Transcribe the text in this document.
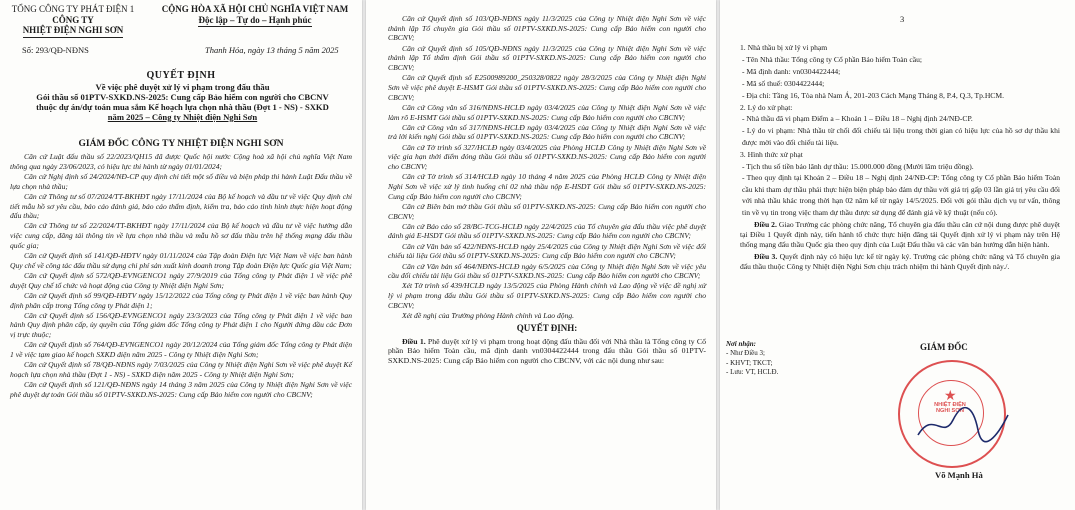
TỔNG CÔNG TY PHÁT ĐIỆN 1
CÔNG TY
NHIỆT ĐIỆN NGHI SƠN
CỘNG HÒA XÃ HỘI CHỦ NGHĨA VIỆT NAM
Độc lập – Tự do – Hạnh phúc
Số: 293/QĐ-NĐNS	Thanh Hóa, ngày 13 tháng 5 năm 2025
QUYẾT ĐỊNH
Về việc phê duyệt xử lý vi phạm trong đấu thầu
Gói thầu số 01PTV-SXKD.NS-2025: Cung cấp Bảo hiểm con người cho CBCNV thuộc dự án/dự toán mua sắm Kế hoạch lựa chọn nhà thầu (Đợt 1 - NS) - SXKD
năm 2025 – Công ty Nhiệt điện Nghi Sơn
GIÁM ĐỐC CÔNG TY NHIỆT ĐIỆN NGHI SƠN

Căn cứ Luật đấu thầu số 22/2023/QH15 đã được Quốc hội nước Cộng hoà xã hội chủ nghĩa Việt Nam thông qua ngày 23/06/2023, có hiệu lực thi hành từ ngày 01/01/2024;

Căn cứ Nghị định số 24/2024/NĐ-CP quy định chi tiết một số điều và biện pháp thi hành Luật Đấu thầu về lựa chọn nhà thầu;

Căn cứ Thông tư số 07/2024/TT-BKHĐT ngày 17/11/2024 của Bộ kế hoạch và đầu tư về việc Quy định chi tiết mẫu hồ sơ yêu cầu, báo cáo đánh giá, báo cáo thẩm định, kiểm tra, báo cáo tình hình thực hiện hoạt động đấu thầu;

Căn cứ Thông tư số 22/2024/TT-BKHĐT ngày 17/11/2024 của Bộ kế hoạch và đầu tư về việc hướng dẫn việc cung cấp, đăng tải thông tin về lựa chọn nhà thầu và mẫu hồ sơ đấu thầu trên hệ thống mạng đấu thầu quốc gia;

Căn cứ Quyết định số 141/QĐ-HĐTV ngày 01/11/2024 của Tập đoàn Điện lực Việt Nam về việc ban hành Quy chế về công tác đấu thầu sử dụng chi phí sản xuất kinh doanh trong Tập đoàn Điện lực Quốc gia Việt Nam;

Căn cứ Quyết định số 572/QĐ-EVNGENCO1 ngày 27/9/2019 của Tổng công ty Phát điện 1 về việc phê duyệt Quy chế tổ chức và hoạt động của Công ty Nhiệt điện Nghi Sơn;

Căn cứ Quyết định số 99/QĐ-HĐTV ngày 15/12/2022 của Tổng công ty Phát điện 1 về việc ban hành Quy định phân cấp trong Tổng công ty Phát điện 1;

Căn cứ Quyết định số 156/QĐ-EVNGENCO1 ngày 23/3/2023 của Tổng công ty Phát điện 1 về việc ban hành Quy định phân cấp, ủy quyền của Tổng giám đốc Tổng công ty Phát điện 1 cho Người đứng đầu các Đơn vị trực thuộc;

Căn cứ Quyết định số 764/QĐ-EVNGENCO1 ngày 20/12/2024 của Tổng giám đốc Tổng công ty Phát điện 1 về việc tạm giao kế hoạch SXKD điện năm 2025 - Công ty Nhiệt điện Nghi Sơn;

Căn cứ Quyết định số 78/QĐ-NĐNS ngày 7/03/2025 của Công ty Nhiệt điện Nghi Sơn về việc phê duyệt Kế hoạch lựa chọn nhà thầu (Đợt 1 - NS) - SXKD điện năm 2025 - Công ty Nhiệt điện Nghi Sơn;

Căn cứ Quyết định số 121/QĐ-NĐNS ngày 14 tháng 3 năm 2025 của Công ty Nhiệt điện Nghi Sơn về việc phê duyệt dự toán Gói thầu số 01PTV-SXKD.NS-2025: Cung cấp Bảo hiểm con người cho CBCNV;

Căn cứ Quyết định số 103/QĐ-NĐNS ngày 11/3/2025 của Công ty Nhiệt điện Nghi Sơn về việc thành lập Tổ chuyên gia Gói thầu số 01PTV-SXKD.NS-2025: Cung cấp Bảo hiểm con người cho CBCNV;

Căn cứ Quyết định số 105/QĐ-NĐNS ngày 11/3/2025 của Công ty Nhiệt điện Nghi Sơn về việc thành lập Tổ thẩm định Gói thầu số 01PTV-SXKD.NS-2025: Cung cấp Bảo hiểm con người cho CBCNV;

Căn cứ Quyết định số E2500989200_250328/0822 ngày 28/3/2025 của Công ty Nhiệt điện Nghi Sơn về việc phê duyệt E-HSMT Gói thầu số 01PTV-SXKD.NS-2025: Cung cấp Bảo hiểm con người cho CBCNV;

Căn cứ Công văn số 316/NĐNS-HCLĐ ngày 03/4/2025 của Công ty Nhiệt điện Nghi Sơn về việc làm rõ E-HSMT Gói thầu số 01PTV-SXKD.NS-2025: Cung cấp Bảo hiểm con người cho CBCNV;

Căn cứ Công văn số 317/NĐNS-HCLĐ ngày 03/4/2025 của Công ty Nhiệt điện Nghi Sơn về việc trả lời kiến nghị Gói thầu số 01PTV-SXKD.NS-2025: Cung cấp Bảo hiểm con người cho CBCNV;

Căn cứ Tờ trình số 327/HCLĐ ngày 03/4/2025 của Phòng HCLĐ Công ty Nhiệt điện Nghi Sơn về việc gia hạn thời điểm đóng thầu Gói thầu số 01PTV-SXKD.NS-2025: Cung cấp Bảo hiểm con người cho CBCNV;

Căn cứ Tờ trình số 314/HCLĐ ngày 10 tháng 4 năm 2025 của Phòng HCLĐ Công ty Nhiệt điện Nghi Sơn về việc xử lý tình huống chỉ 02 nhà thầu nộp E-HSDT Gói thầu số 01PTV-SXKD.NS-2025: Cung cấp Bảo hiểm con người cho CBCNV;

Căn cứ Biên bản mở thầu Gói thầu số 01PTV-SXKD.NS-2025: Cung cấp Bảo hiểm con người cho CBCNV;

Căn cứ Báo cáo số 28/BC-TCG-HCLĐ ngày 22/4/2025 của Tổ chuyên gia đấu thầu việc phê duyệt đánh giá E-HSDT Gói thầu số 01PTV-SXKD.NS-2025: Cung cấp Bảo hiểm con người cho CBCNV;

Căn cứ Văn bản số 422/NĐNS-HCLĐ ngày 25/4/2025 của Công ty Nhiệt điện Nghi Sơn về việc đối chiếu tài liệu Gói thầu số 01PTV-SXKD.NS-2025: Cung cấp Bảo hiểm con người cho CBCNV;

Căn cứ Văn bản số 464/NĐNS-HCLĐ ngày 6/5/2025 của Công ty Nhiệt điện Nghi Sơn về việc yêu cầu đối chiếu tài liệu Gói thầu số 01PTV-SXKD.NS-2025: Cung cấp Bảo hiểm con người cho CBCNV;

Xét Tờ trình số 439/HCLĐ ngày 13/5/2025 của Phòng Hành chính và Lao động về việc đề nghị xử lý vi phạm trong đấu thầu Gói thầu số 01PTV-SXKD.NS-2025: Cung cấp Bảo hiểm con người cho CBCNV;

Xét đề nghị của Trưởng phòng Hành chính và Lao động.

QUYẾT ĐỊNH:

Điều 1. Phê duyệt xử lý vi phạm trong hoạt động đấu thầu đối với Nhà thầu là Tổng công ty Cổ phần Bảo hiểm Toàn cầu, mã định danh vn0304422444 trong đấu thầu Gói thầu số 01PTV-SXKD.NS-2025: Cung cấp Bảo hiểm con người cho CBCNV, với các nội dung như sau:

3

1. Nhà thầu bị xử lý vi phạm

- Tên Nhà thầu: Tổng công ty Cổ phần Bảo hiểm Toàn cầu;

- Mã định danh: vn0304422444;

- Mã số thuế: 0304422444;

- Địa chỉ: Tầng 16, Tòa nhà Nam Á, 201-203 Cách Mạng Tháng 8, P.4, Q.3, Tp.HCM.

2. Lý do xử phạt:

- Nhà thầu đã vi phạm Điểm a – Khoản 1 – Điều 18 – Nghị định 24/NĐ-CP.

- Lý do vi phạm: Nhà thầu từ chối đối chiếu tài liệu trong thời gian có hiệu lực của hồ sơ dự thầu khi được mời vào đối chiếu tài liệu.

3. Hình thức xử phạt

- Tịch thu số tiền bảo lãnh dự thầu: 15.000.000 đồng (Mười lăm triệu đồng).

- Theo quy định tại Khoản 2 – Điều 18 – Nghị định 24/NĐ-CP: Tổng công ty Cổ phần Bảo hiểm Toàn cầu khi tham dự thầu phải thực hiện biện pháp bảo đảm dự thầu với giá trị gấp 03 lần giá trị yêu cầu đối với nhà thầu khác trong thời hạn 02 năm kể từ ngày 14/5/2025. Đối với gói thầu dịch vụ tư vấn, thông tin về vụ tin trong việc tham dự thầu được sử dụng để đánh giá về kỹ thuật (nếu có).

Điều 2. Giao Trưởng các phòng chức năng, Tổ chuyên gia đấu thầu căn cứ nội dung được phê duyệt tại Điều 1 Quyết định này, tiến hành tổ chức thực hiện đăng tải Quyết định xử lý vi phạm này trên Hệ thống mạng đấu thầu Quốc gia theo quy định của Luật Đấu thầu và các văn bản hướng dẫn hiện hành.

Điều 3. Quyết định này có hiệu lực kể từ ngày ký. Trưởng các phòng chức năng và Tổ chuyên gia đấu thầu thuộc Công ty Nhiệt điện Nghi Sơn chịu trách nhiệm thi hành Quyết định này./.

Nơi nhận:
- Như Điều 3;
- KHVT; TKCT;
- Lưu: VT, HCLĐ.
GIÁM ĐỐC
★
NHIỆT ĐIỆN
NGHI SƠN
Võ Mạnh Hà
